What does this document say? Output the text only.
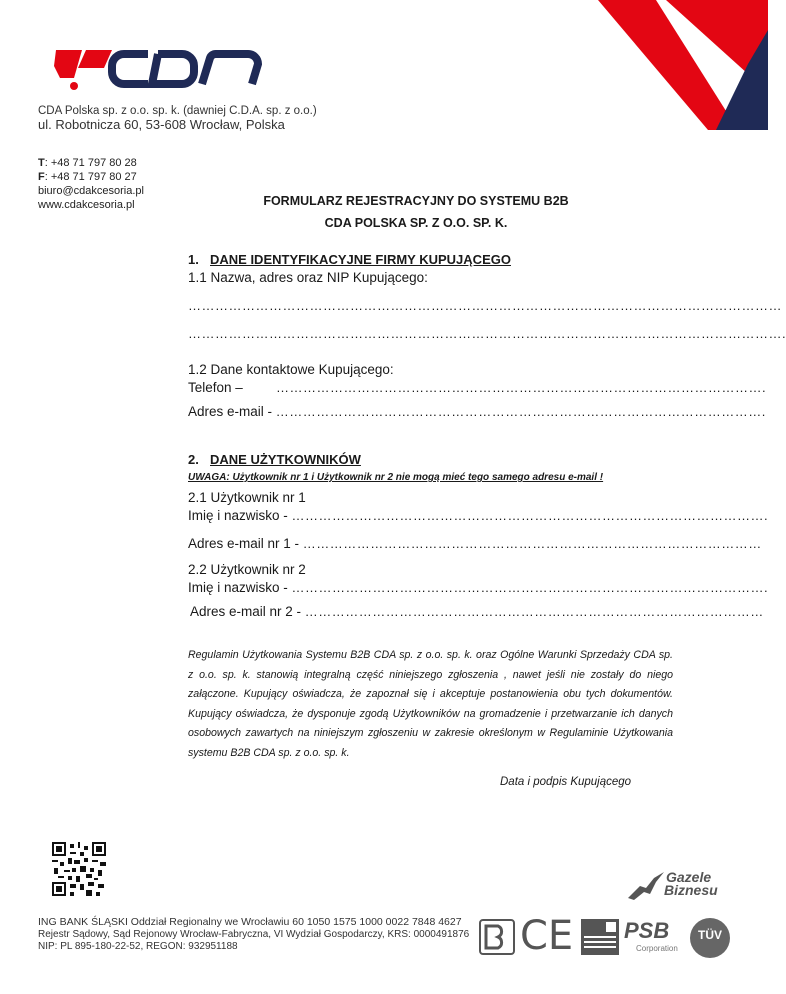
CDA Polska sp. z o.o. sp. k. (dawniej C.D.A. sp. z o.o.)
ul. Robotnicza 60, 53-608 Wrocław, Polska
T: +48 71 797 80 28
F: +48 71 797 80 27
biuro@cdakcesoria.pl
www.cdakcesoria.pl	FORMULARZ REJESTRACYJNY DO SYSTEMU B2B
CDA POLSKA SP. Z O.O. SP. K.
1. DANE IDENTYFIKACYJNE FIRMY KUPUJĄCEGO
1.1 Nazwa, adres oraz NIP Kupującego:
……………………………………………………………………………………………………………………
…………………………………………………………………………………………………………………….
1.2 Dane kontaktowe Kupującego:
Telefon –	……………………………………………………………………………………………….
Adres e-mail - ……………………………………………………………………………………………….
2. DANE UŻYTKOWNIKÓW
UWAGA: Użytkownik nr 1 i Użytkownik nr 2 nie mogą mieć tego samego adresu e-mail !
2.1 Użytkownik nr 1
Imię i nazwisko - …………………………………………………………………………………………….
Adres e-mail nr 1 - …………………………………………………………………………………………
2.2 Użytkownik nr 2
Imię i nazwisko - …………………………………………………………………………………………….
Adres e-mail nr 2 - …………………………………………………………………………………………
Regulamin Użytkowania Systemu B2B CDA sp. z o.o. sp. k. oraz Ogólne Warunki Sprzedaży CDA sp. z o.o. sp. k. stanowią integralną część niniejszego zgłoszenia , nawet jeśli nie zostały do niego załączone. Kupujący oświadcza, że zapoznał się i akceptuje postanowienia obu tych dokumentów. Kupujący oświadcza, że dysponuje zgodą Użytkowników na gromadzenie i przetwarzanie ich danych osobowych zawartych na niniejszym zgłoszeniu w zakresie określonym w Regulaminie Użytkowania systemu B2B CDA sp. z o.o. sp. k.
Data i podpis Kupującego
Gazele
Biznesu
ING BANK ŚLĄSKI Oddział Regionalny we Wrocławiu 60 1050 1575 1000 0022 7848 4627
Rejestr Sądowy, Sąd Rejonowy Wrocław-Fabryczna, VI Wydział Gospodarczy, KRS: 0000491876
NIP: PL 895-180-22-52, REGON: 932951188	CE PSB
Corporation
TÜV
